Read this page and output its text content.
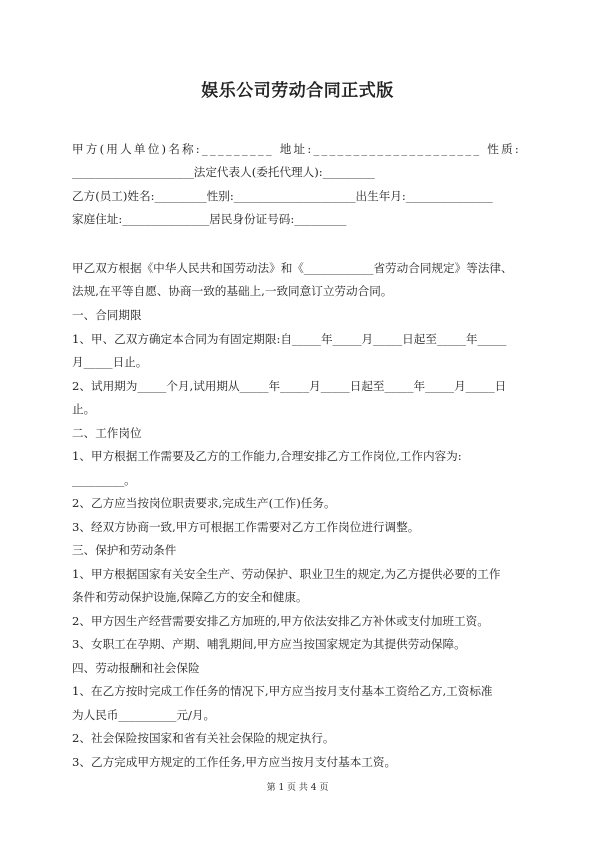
娱乐公司劳动合同正式版
甲方(用人单位)名称:_________ 地址:_____________________ 性质:
_____________________法定代表人(委托代理人):_________
乙方(员工)姓名:_________性别:_____________________出生年月:_______________
家庭住址:_______________居民身份证号码:_________
甲乙双方根据《中华人民共和国劳动法》和《____________省劳动合同规定》等法律、
法规,在平等自愿、协商一致的基础上,一致同意订立劳动合同。
一、合同期限
1、甲、乙双方确定本合同为有固定期限:自_____年_____月_____日起至_____年_____
月_____日止。
2、试用期为_____个月,试用期从_____年_____月_____日起至_____年_____月_____日
止。
二、工作岗位
1、甲方根据工作需要及乙方的工作能力,合理安排乙方工作岗位,工作内容为:
_________。
2、乙方应当按岗位职责要求,完成生产(工作)任务。
3、经双方协商一致,甲方可根据工作需要对乙方工作岗位进行调整。
三、保护和劳动条件
1、甲方根据国家有关安全生产、劳动保护、职业卫生的规定,为乙方提供必要的工作
条件和劳动保护设施,保障乙方的安全和健康。
2、甲方因生产经营需要安排乙方加班的,甲方依法安排乙方补休或支付加班工资。
3、女职工在孕期、产期、哺乳期间,甲方应当按国家规定为其提供劳动保障。
四、劳动报酬和社会保险
1、在乙方按时完成工作任务的情况下,甲方应当按月支付基本工资给乙方,工资标准
为人民币__________元/月。
2、社会保险按国家和省有关社会保险的规定执行。
3、乙方完成甲方规定的工作任务,甲方应当按月支付基本工资。
第 1 页 共 4 页
